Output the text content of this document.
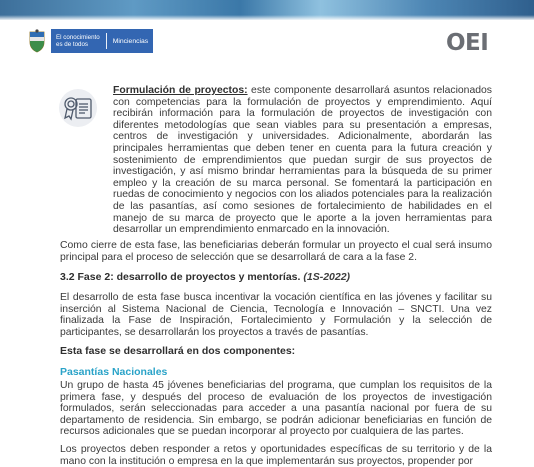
El conocimiento
es de todos	Minciencias	OEI

Formulación de proyectos: este componente desarrollará asuntos relacionados con competencias para la formulación de proyectos y emprendimiento. Aquí recibirán información para la formulación de proyectos de investigación con diferentes metodologías que sean viables para su presentación a empresas, centros de investigación y universidades. Adicionalmente, abordarán las principales herramientas que deben tener en cuenta para la futura creación y sostenimiento de emprendimientos que puedan surgir de sus proyectos de investigación, y así mismo brindar herramientas para la búsqueda de su primer empleo y la creación de su marca personal. Se fomentará la participación en ruedas de conocimiento y negocios con los aliados potenciales para la realización de las pasantías, así como sesiones de fortalecimiento de habilidades en el manejo de su marca de proyecto que le aporte a la joven herramientas para desarrollar un emprendimiento enmarcado en la innovación.

Como cierre de esta fase, las beneficiarias deberán formular un proyecto el cual será insumo principal para el proceso de selección que se desarrollará de cara a la fase 2.

3.2 Fase 2: desarrollo de proyectos y mentorías. (1S-2022)

El desarrollo de esta fase busca incentivar la vocación científica en las jóvenes y facilitar su inserción al Sistema Nacional de Ciencia, Tecnología e Innovación – SNCTI. Una vez finalizada la Fase de Inspiración, Fortalecimiento y Formulación y la selección de participantes, se desarrollarán los proyectos a través de pasantías.

Esta fase se desarrollará en dos componentes:
Pasantías Nacionales

Un grupo de hasta 45 jóvenes beneficiarias del programa, que cumplan los requisitos de la primera fase, y después del proceso de evaluación de los proyectos de investigación formulados, serán seleccionadas para acceder a una pasantía nacional por fuera de su departamento de residencia. Sin embargo, se podrán adicionar beneficiarias en función de recursos adicionales que se puedan incorporar al proyecto por cualquiera de las partes.

Los proyectos deben responder a retos y oportunidades específicas de su territorio y de la mano con la institución o empresa en la que implementarán sus proyectos, propender por
